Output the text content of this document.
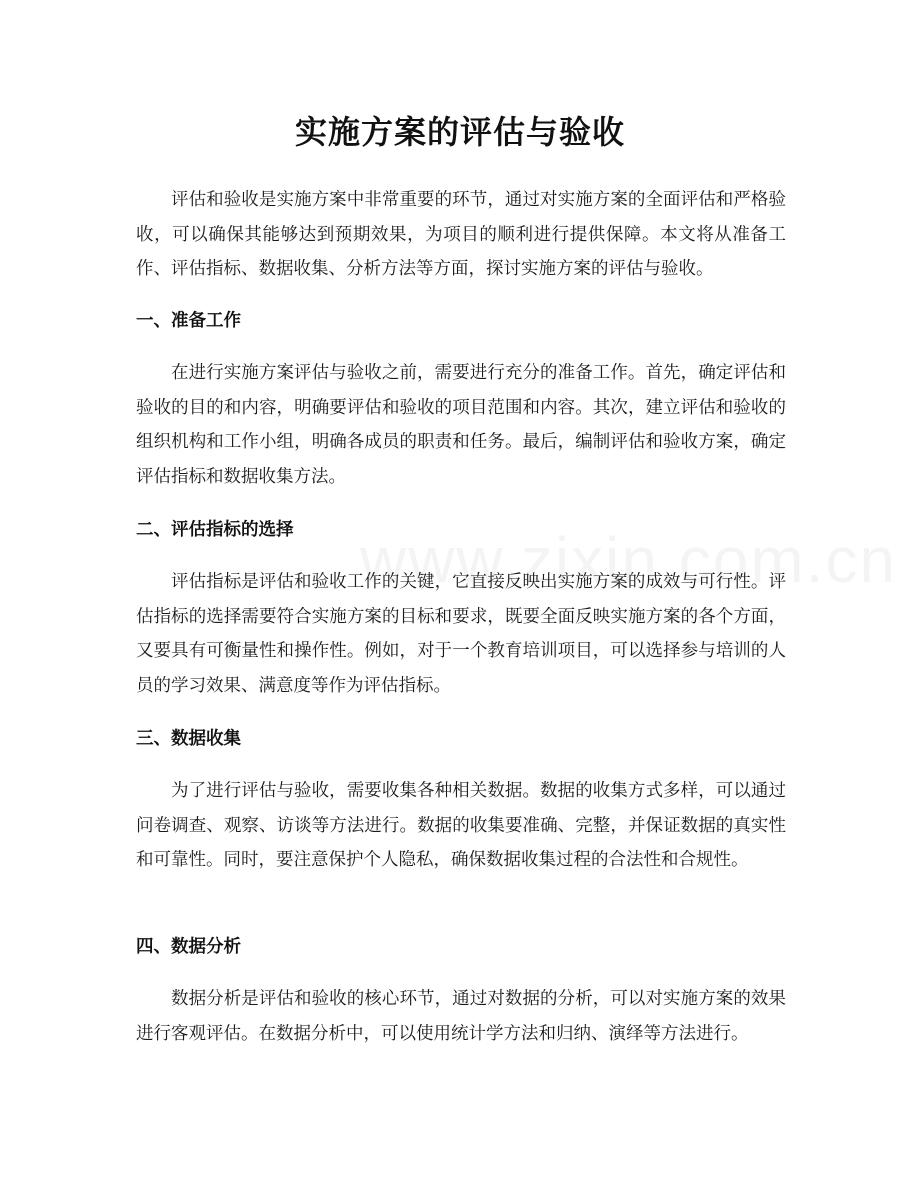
实施方案的评估与验收

评估和验收是实施方案中非常重要的环节，通过对实施方案的全面评估和严格验收，可以确保其能够达到预期效果，为项目的顺利进行提供保障。本文将从准备工作、评估指标、数据收集、分析方法等方面，探讨实施方案的评估与验收。

一、准备工作

在进行实施方案评估与验收之前，需要进行充分的准备工作。首先，确定评估和验收的目的和内容，明确要评估和验收的项目范围和内容。其次，建立评估和验收的组织机构和工作小组，明确各成员的职责和任务。最后，编制评估和验收方案，确定评估指标和数据收集方法。

二、评估指标的选择

评估指标是评估和验收工作的关键，它直接反映出实施方案的成效与可行性。评估指标的选择需要符合实施方案的目标和要求，既要全面反映实施方案的各个方面，又要具有可衡量性和操作性。例如，对于一个教育培训项目，可以选择参与培训的人员的学习效果、满意度等作为评估指标。

三、数据收集

为了进行评估与验收，需要收集各种相关数据。数据的收集方式多样，可以通过问卷调查、观察、访谈等方法进行。数据的收集要准确、完整，并保证数据的真实性和可靠性。同时，要注意保护个人隐私，确保数据收集过程的合法性和合规性。

四、数据分析

数据分析是评估和验收的核心环节，通过对数据的分析，可以对实施方案的效果进行客观评估。在数据分析中，可以使用统计学方法和归纳、演绎等方法进行。
